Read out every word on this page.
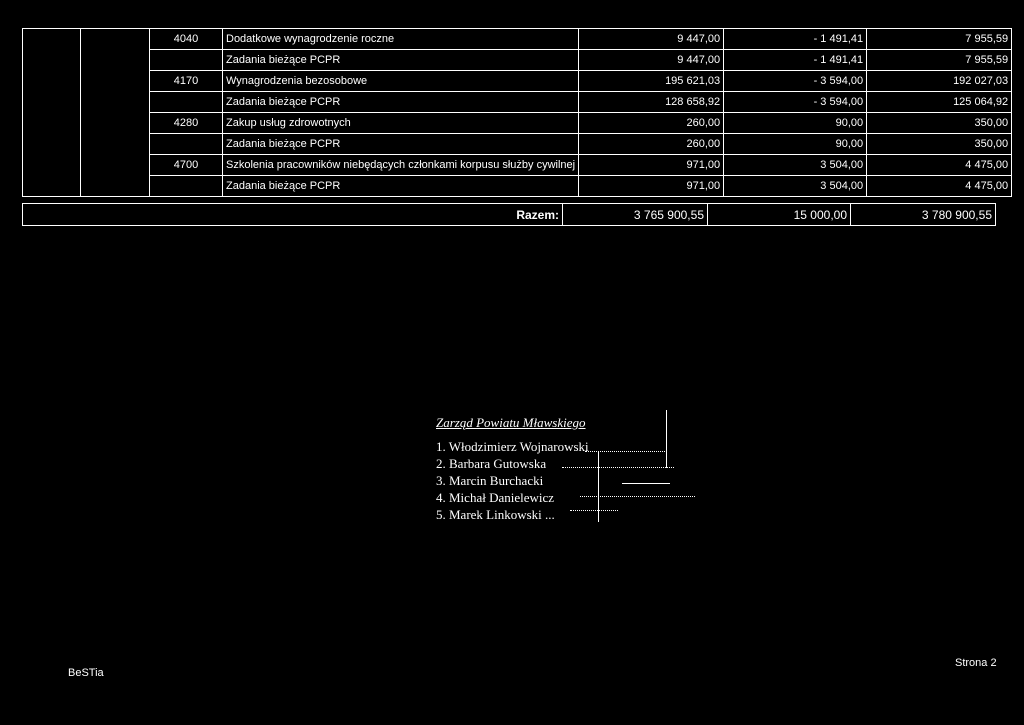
		4040	Dodatkowe wynagrodzenie roczne	9 447,00	- 1 491,41	7 955,59
			Zadania bieżące PCPR	9 447,00	- 1 491,41	7 955,59
		4170	Wynagrodzenia bezosobowe	195 621,03	- 3 594,00	192 027,03
			Zadania bieżące PCPR	128 658,92	- 3 594,00	125 064,92
		4280	Zakup usług zdrowotnych	260,00	90,00	350,00
			Zadania bieżące PCPR	260,00	90,00	350,00
		4700	Szkolenia pracowników niebędących członkami korpusu służby cywilnej	971,00	3 504,00	4 475,00
			Zadania bieżące PCPR	971,00	3 504,00	4 475,00
Razem:	3 765 900,55	15 000,00	3 780 900,55
Zarząd Powiatu Mławskiego
1. Włodzimierz Wojnarowski
2. Barbara Gutowska
3. Marcin Burchacki
4. Michał Danielewicz
5. Marek Linkowski ...
BeSTia
Strona 2
